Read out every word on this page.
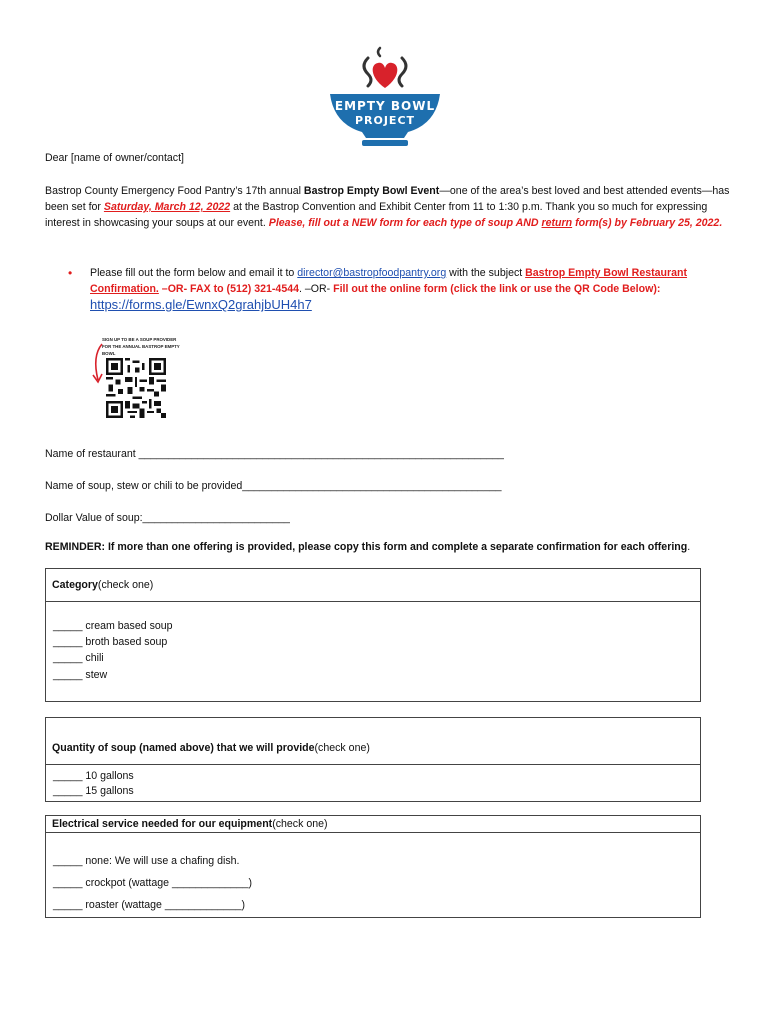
EMPTY BOWL
PROJECT

Dear [name of owner/contact]

Bastrop County Emergency Food Pantry’s 17th annual Bastrop Empty Bowl Event—one of the area’s best loved and best attended events—has been set for Saturday, March 12, 2022 at the Bastrop Convention and Exhibit Center from 11 to 1:30 p.m. Thank you so much for expressing interest in showcasing your soups at our event. Please, fill out a NEW form for each type of soup AND return form(s) by February 25, 2022.

• Please fill out the form below and email it to director@bastropfoodpantry.org with the subject Bastrop Empty Bowl Restaurant Confirmation. –OR- FAX to (512) 321-4544. –OR- Fill out the online form (click the link or use the QR Code Below): https://forms.gle/EwnxQ2grahjbUH4h7
SIGN UP TO BE A SOUP PROVIDER FOR THE ANNUAL BASTROP EMPTY BOWL

Name of restaurant ______________________________________________________________

Name of soup, stew or chili to be provided____________________________________________

Dollar Value of soup:_________________________

REMINDER: If more than one offering is provided, please copy this form and complete a separate confirmation for each offering.

Category (check one)
_____ cream based soup
_____ broth based soup
_____ chili
_____ stew
Quantity of soup (named above) that we will provide (check one)
_____ 10 gallons
_____ 15 gallons
Electrical service needed for our equipment (check one)
_____ none: We will use a chafing dish.
_____ crockpot (wattage _____________)
_____ roaster (wattage _____________)
